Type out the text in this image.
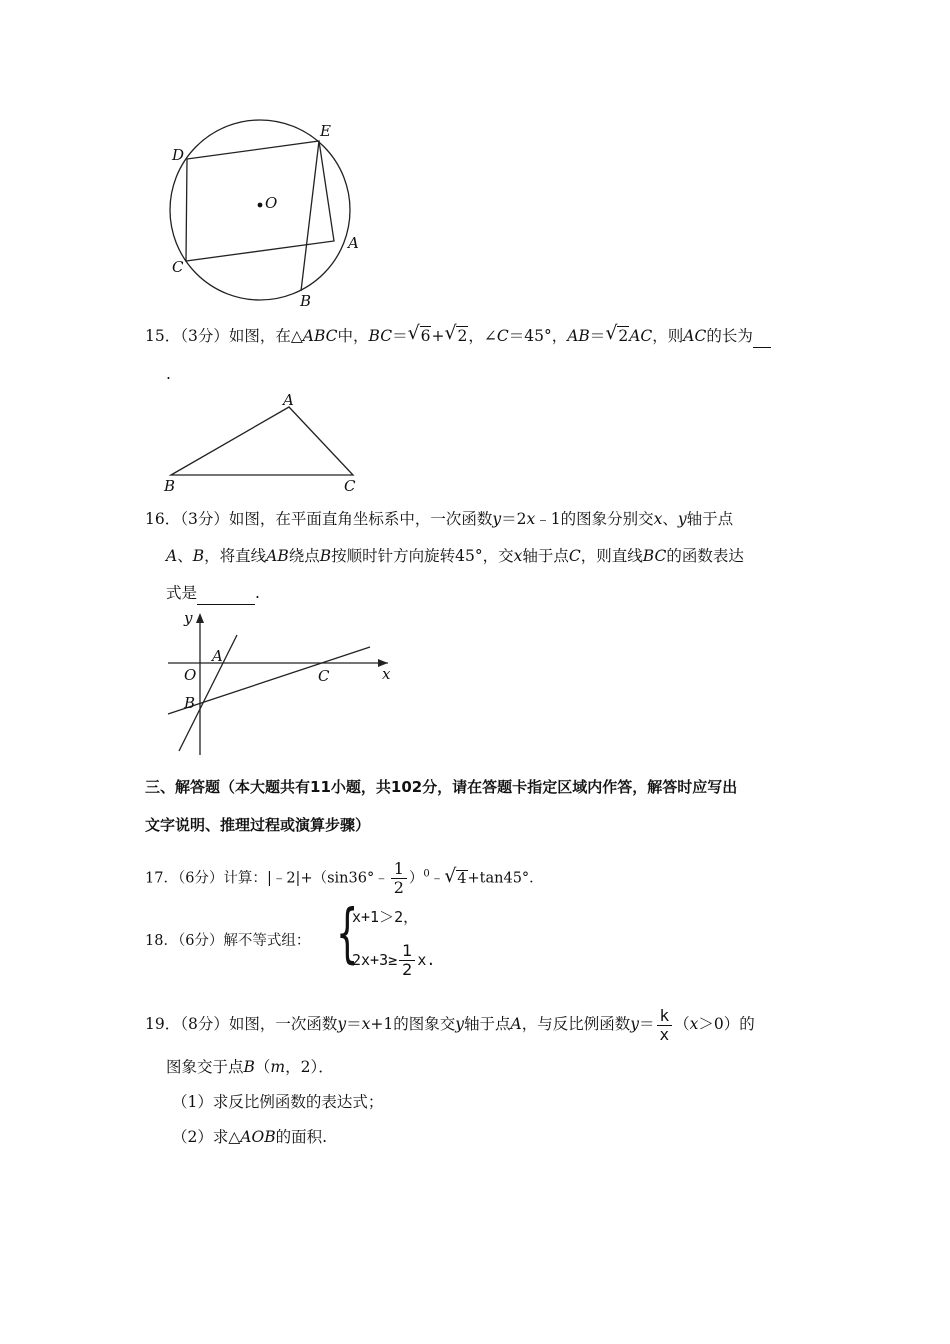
D
E
O
A
C
B
15．（3分）如图，在△ABC中，BC＝ √ 6+ √ 2，∠C＝45°，AB＝ √ 2AC，则AC的长为
.
A
B	C
16．（3分）如图，在平面直角坐标系中，一次函数y＝2x﹣1的图象分别交x、y轴于点
A、B，将直线AB绕点B按顺时针方向旋转45°，交x轴于点C，则直线BC的函数表达
式是	.
y
x
A
O	C
B
三、解答题（本大题共有11小题，共102分，请在答题卡指定区域内作答，解答时应写出
文字说明、推理过程或演算步骤）
17．（6分）计算：|﹣2|+（sin36°﹣ $\frac{1}{2}$ ）$^0$﹣ √ 4+tan45°．
18．（6分）解不等式组： {
x+1＞2，
$2x+3\ge \frac{1}{2} x$.
19．（8分）如图，一次函数y＝x+1的图象交y轴于点A，与反比例函数$y= \frac{k}{x} (x>0)$的
图象交于点B（m，2）．
（1）求反比例函数的表达式；
（2）求△AOB的面积.
